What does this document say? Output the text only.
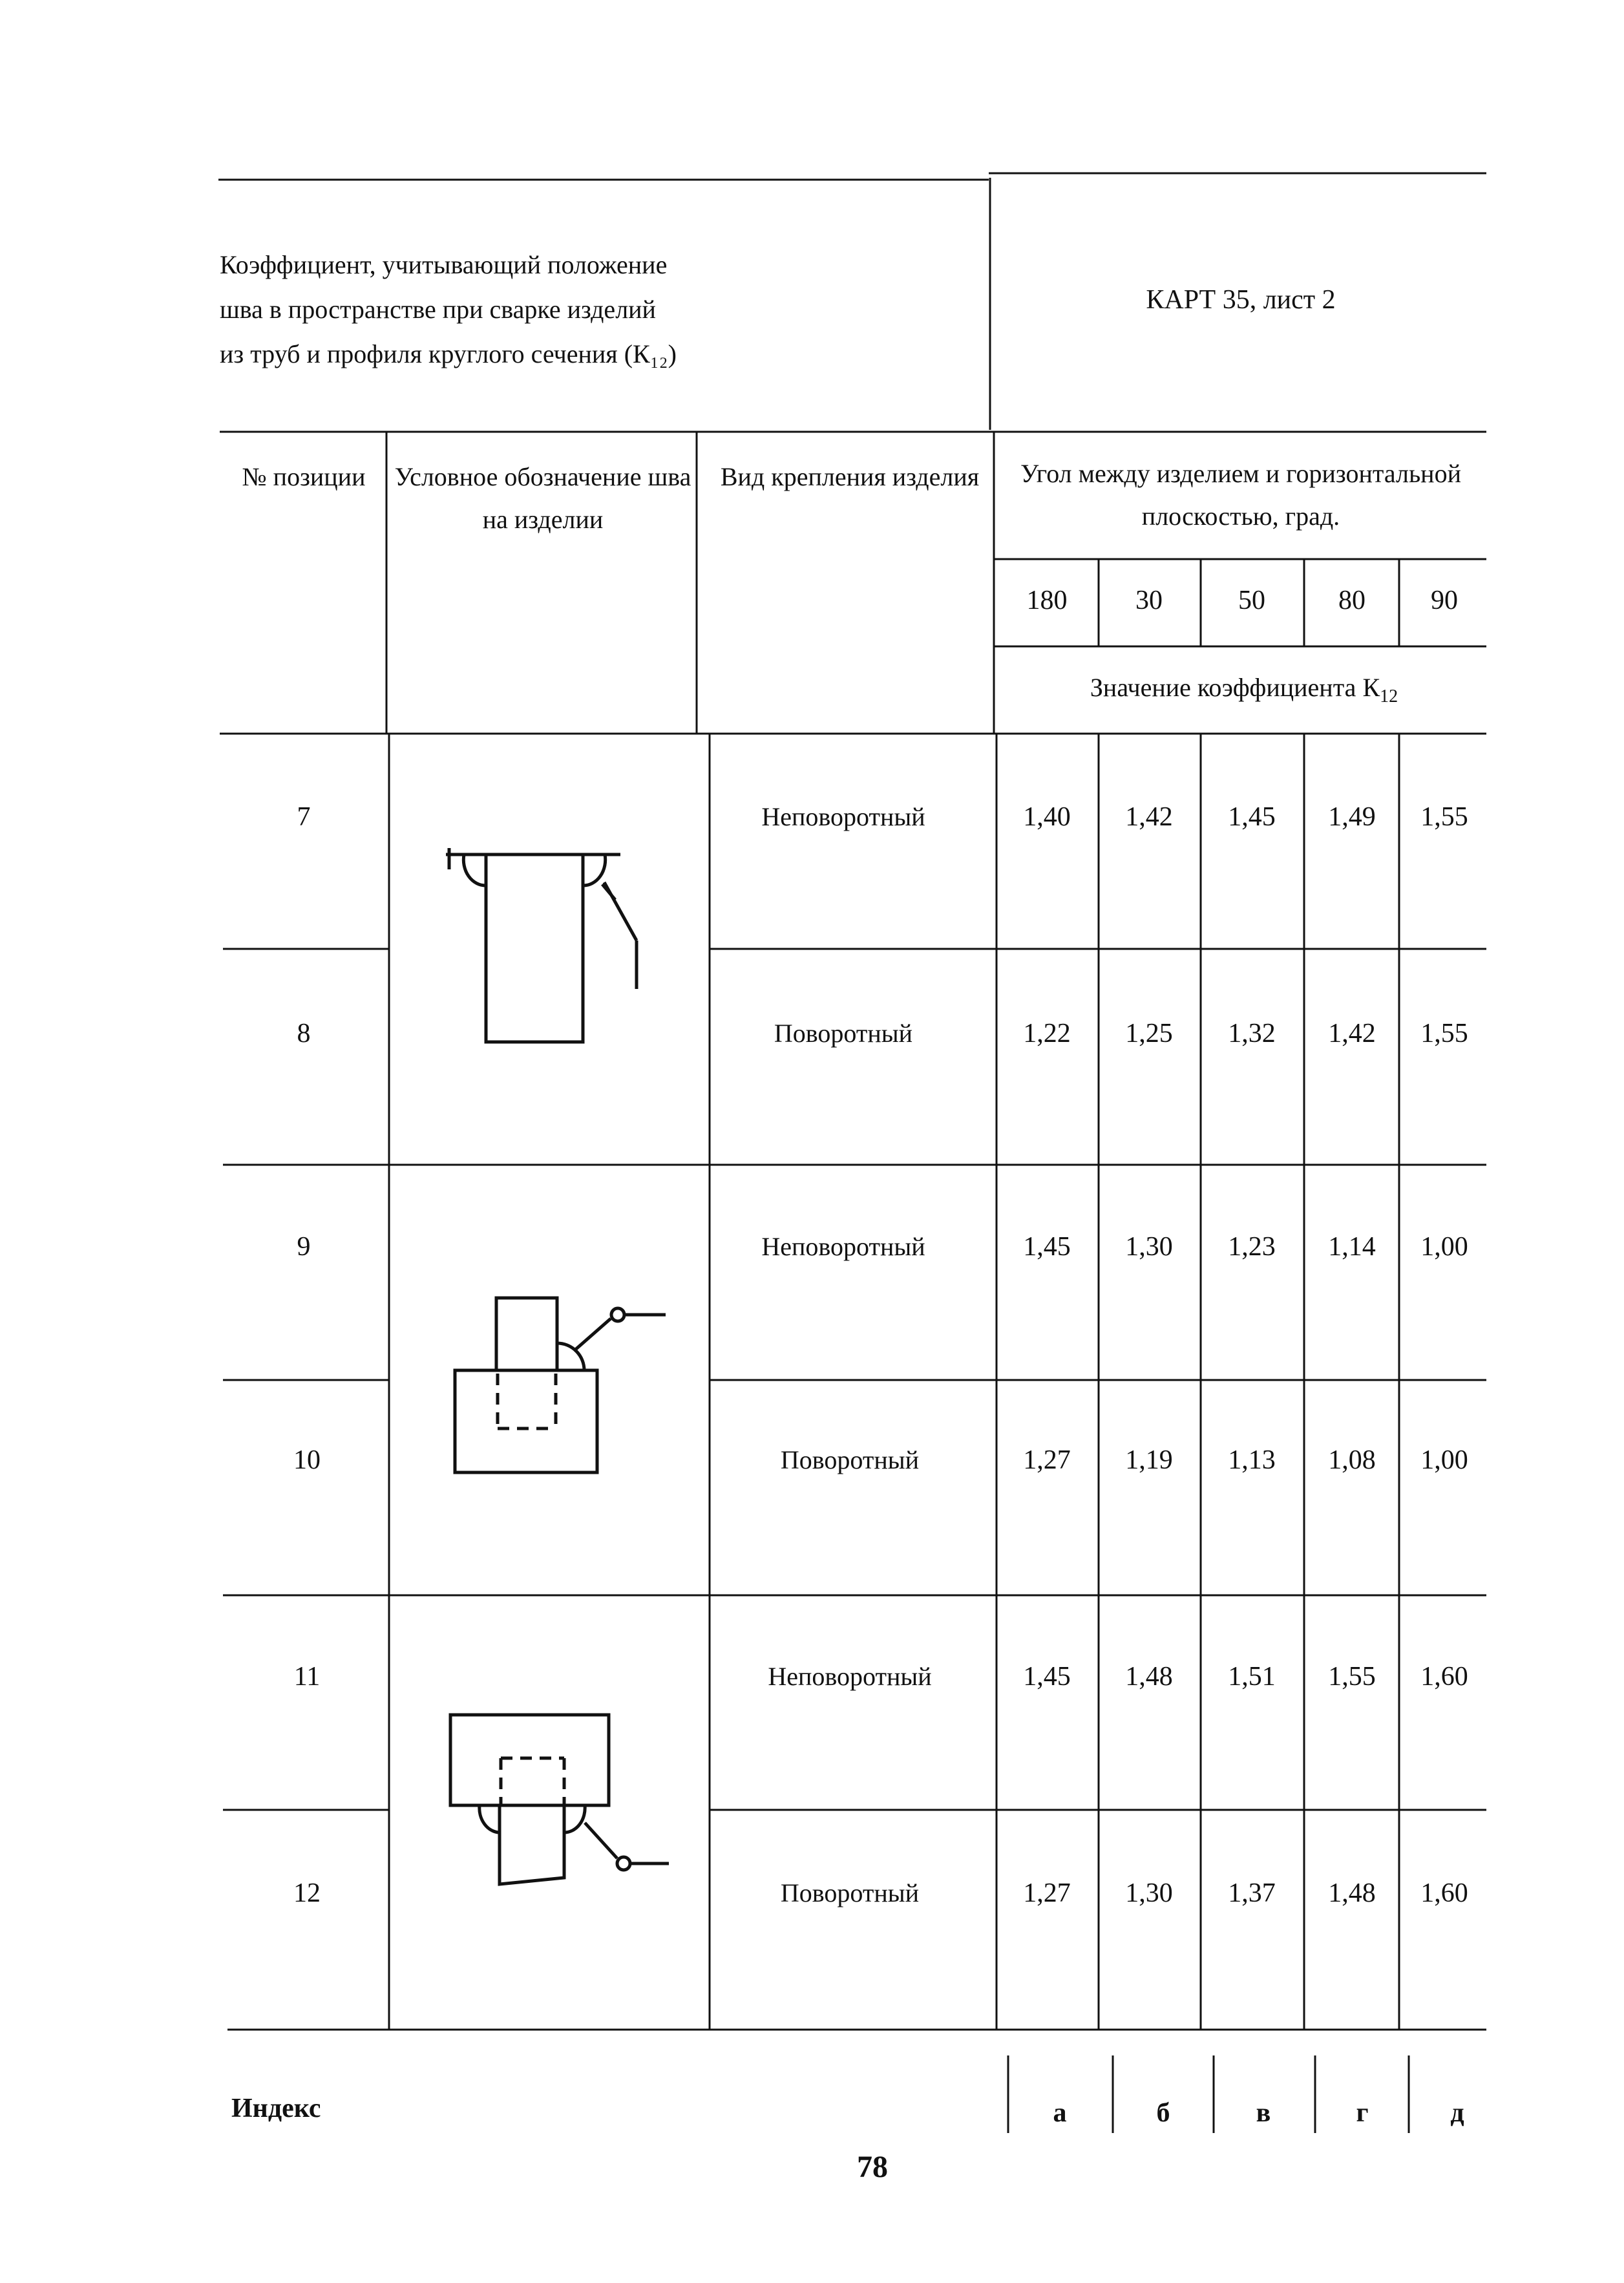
Коэффициент, учитывающий положение
шва в пространстве при сварке изделий
из труб и профиля круглого сечения (К₁₂)
КАРТ 35, лист 2
№ позиции	Условное обозначение шва на изделии
Вид крепления изделия	Угол между изделием и горизонтальной плоскостью, град.
180	30	50	80	90
Значение коэффициента $К_{12}$
7	Неповоротный	1,40	1,42	1,45	1,49	1,55
8	Поворотный	1,22	1,25	1,32	1,42	1,55
9	Неповоротный	1,45	1,30	1,23	1,14	1,00
10	Поворотный	1,27	1,19	1,13	1,08	1,00
11	Неповоротный	1,45	1,48	1,51	1,55	1,60
12	Поворотный	1,27	1,30	1,37	1,48	1,60
Индекс	а	б	в	г	д
78
